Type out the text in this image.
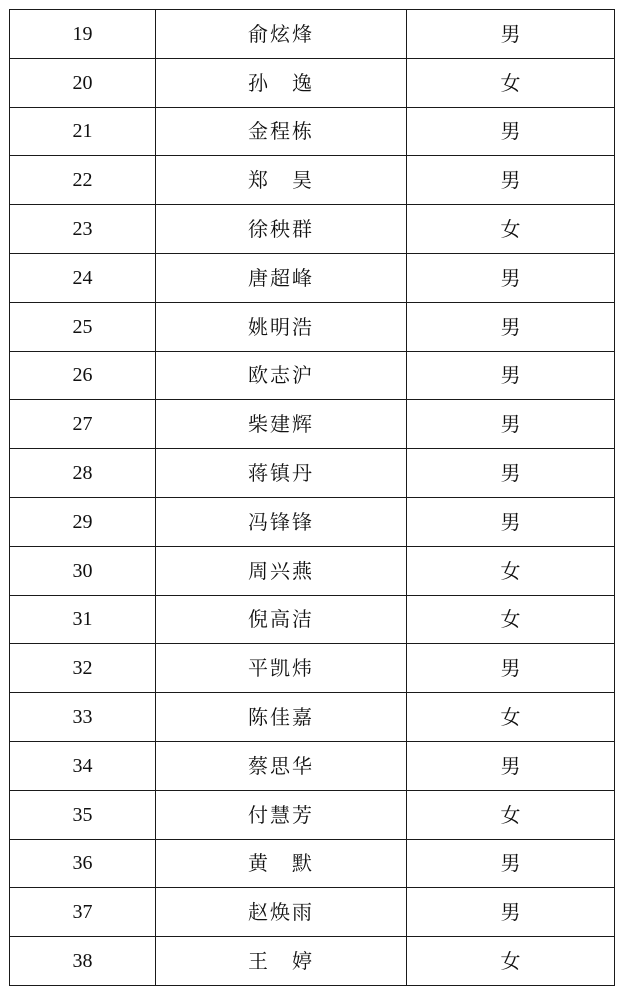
19	俞炫烽	男
20	孙　逸	女
21	金程栋	男
22	郑　昊	男
23	徐秧群	女
24	唐超峰	男
25	姚明浩	男
26	欧志沪	男
27	柴建辉	男
28	蒋镇丹	男
29	冯锋锋	男
30	周兴燕	女
31	倪高洁	女
32	平凯炜	男
33	陈佳嘉	女
34	蔡思华	男
35	付慧芳	女
36	黄　默	男
37	赵焕雨	男
38	王　婷	女
